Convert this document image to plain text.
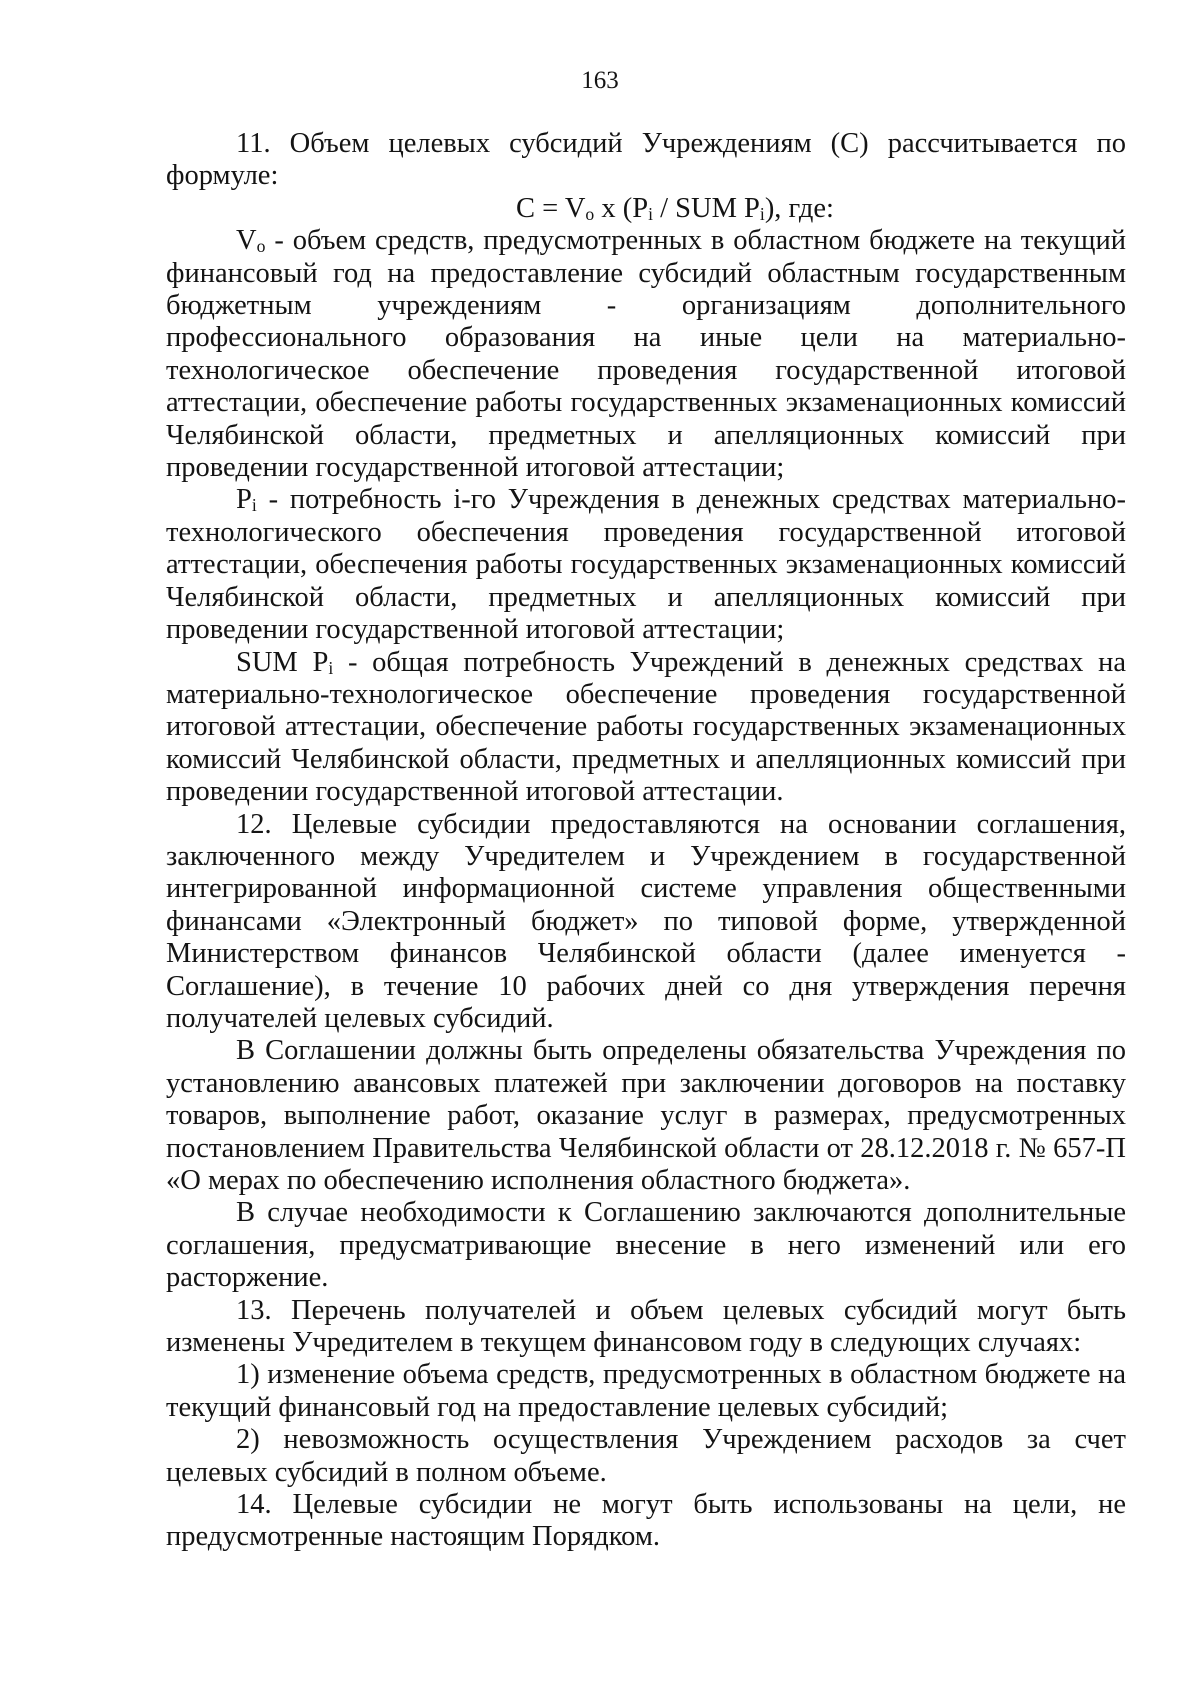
163

11. Объем целевых субсидий Учреждениям (С) рассчитывается по формуле:

$C = V_o$ x ($P_i$ / SUM $P_i$), где:

$V_o$ - объем средств, предусмотренных в областном бюджете на текущий финансовый год на предоставление субсидий областным государственным бюджетным учреждениям - организациям дополнительного профессионального образования на иные цели на материально-технологическое обеспечение проведения государственной итоговой аттестации, обеспечение работы государственных экзаменационных комиссий Челябинской области, предметных и апелляционных комиссий при проведении государственной итоговой аттестации;

$P_i$ - потребность i-го Учреждения в денежных средствах материально-технологического обеспечения проведения государственной итоговой аттестации, обеспечения работы государственных экзаменационных комиссий Челябинской области, предметных и апелляционных комиссий при проведении государственной итоговой аттестации;

SUM $P_i$ - общая потребность Учреждений в денежных средствах на материально-технологическое обеспечение проведения государственной итоговой аттестации, обеспечение работы государственных экзаменационных комиссий Челябинской области, предметных и апелляционных комиссий при проведении государственной итоговой аттестации.

12. Целевые субсидии предоставляются на основании соглашения, заключенного между Учредителем и Учреждением в государственной интегрированной информационной системе управления общественными финансами «Электронный бюджет» по типовой форме, утвержденной Министерством финансов Челябинской области (далее именуется - Соглашение), в течение 10 рабочих дней со дня утверждения перечня получателей целевых субсидий.

В Соглашении должны быть определены обязательства Учреждения по установлению авансовых платежей при заключении договоров на поставку товаров, выполнение работ, оказание услуг в размерах, предусмотренных постановлением Правительства Челябинской области от 28.12.2018 г. № 657-П «О мерах по обеспечению исполнения областного бюджета».

В случае необходимости к Соглашению заключаются дополнительные соглашения, предусматривающие внесение в него изменений или его расторжение.

13. Перечень получателей и объем целевых субсидий могут быть изменены Учредителем в текущем финансовом году в следующих случаях:

1) изменение объема средств, предусмотренных в областном бюджете на текущий финансовый год на предоставление целевых субсидий;

2) невозможность осуществления Учреждением расходов за счет целевых субсидий в полном объеме.

14. Целевые субсидии не могут быть использованы на цели, не предусмотренные настоящим Порядком.
